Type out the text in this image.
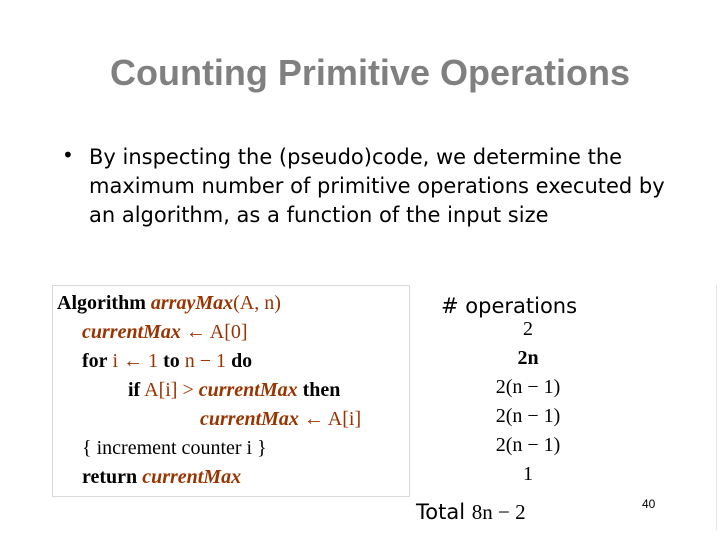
Counting Primitive Operations
• By inspecting the (pseudo)code, we determine the maximum number of primitive operations executed by an algorithm, as a function of the input size
Algorithm arrayMax(A, n)
currentMax ← A[0]
for i ← 1 to n − 1 do
if A[i] > currentMax then
currentMax ← A[i]
{ increment counter i }
return currentMax
# operations
2
2n
2(n − 1)
2(n − 1)
2(n − 1)
1
Total 8n − 2	40
